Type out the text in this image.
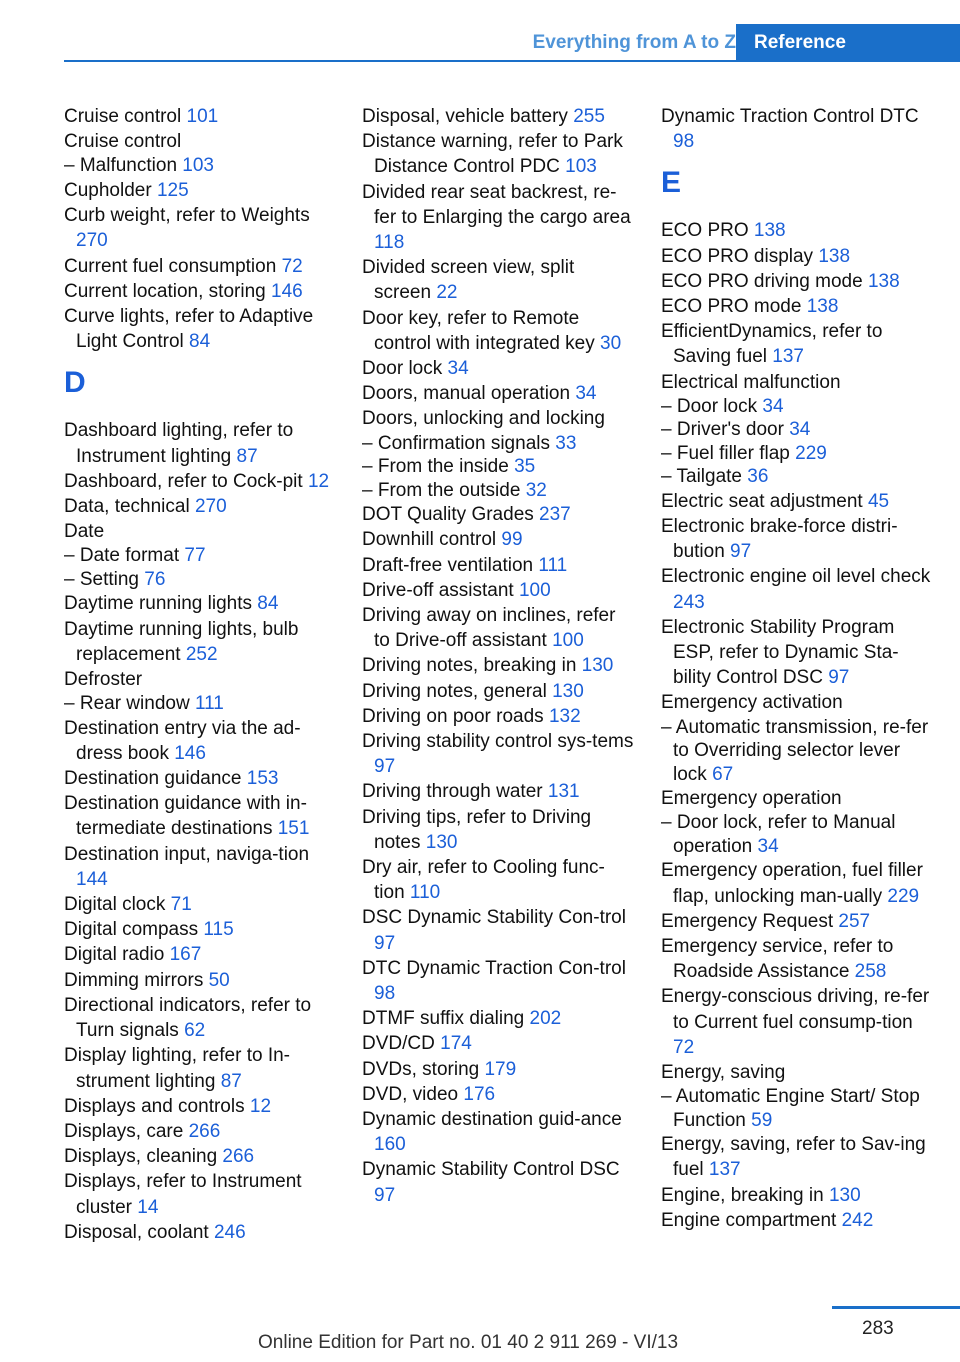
Everything from A to Z Reference
Cruise control 101
Cruise control
– Malfunction 103
Cupholder 125
Curb weight, refer to Weights 270
Current fuel consumption 72
Current location, storing 146
Curve lights, refer to Adaptive Light Control 84
D
Dashboard lighting, refer to Instrument lighting 87
Dashboard, refer to Cock-pit 12
Data, technical 270
Date
– Date format 77
– Setting 76
Daytime running lights 84
Daytime running lights, bulb replacement 252
Defroster
– Rear window 111
Destination entry via the ad-dress book 146
Destination guidance 153
Destination guidance with in-termediate destinations 151
Destination input, naviga-tion 144
Digital clock 71
Digital compass 115
Digital radio 167
Dimming mirrors 50
Directional indicators, refer to Turn signals 62
Display lighting, refer to In-strument lighting 87
Displays and controls 12
Displays, care 266
Displays, cleaning 266
Displays, refer to Instrument cluster 14
Disposal, coolant 246
Disposal, vehicle battery 255
Distance warning, refer to Park Distance Control PDC 103
Divided rear seat backrest, re-fer to Enlarging the cargo area 118
Divided screen view, split screen 22
Door key, refer to Remote control with integrated key 30
Door lock 34
Doors, manual operation 34
Doors, unlocking and locking
– Confirmation signals 33
– From the inside 35
– From the outside 32
DOT Quality Grades 237
Downhill control 99
Draft-free ventilation 111
Drive-off assistant 100
Driving away on inclines, refer to Drive-off assistant 100
Driving notes, breaking in 130
Driving notes, general 130
Driving on poor roads 132
Driving stability control sys-tems 97
Driving through water 131
Driving tips, refer to Driving notes 130
Dry air, refer to Cooling func-tion 110
DSC Dynamic Stability Con-trol 97
DTC Dynamic Traction Con-trol 98
DTMF suffix dialing 202
DVD/CD 174
DVDs, storing 179
DVD, video 176
Dynamic destination guid-ance 160
Dynamic Stability Control DSC 97
Dynamic Traction Control DTC 98
E
ECO PRO 138
ECO PRO display 138
ECO PRO driving mode 138
ECO PRO mode 138
EfficientDynamics, refer to Saving fuel 137
Electrical malfunction
– Door lock 34
– Driver's door 34
– Fuel filler flap 229
– Tailgate 36
Electric seat adjustment 45
Electronic brake-force distri-bution 97
Electronic engine oil level check 243
Electronic Stability Program ESP, refer to Dynamic Sta-bility Control DSC 97
Emergency activation
– Automatic transmission, re-fer to Overriding selector lever lock 67
Emergency operation
– Door lock, refer to Manual operation 34
Emergency operation, fuel filler flap, unlocking man-ually 229
Emergency Request 257
Emergency service, refer to Roadside Assistance 258
Energy-conscious driving, re-fer to Current fuel consump-tion 72
Energy, saving
– Automatic Engine Start/ Stop Function 59
Energy, saving, refer to Sav-ing fuel 137
Engine, breaking in 130
Engine compartment 242
283
Online Edition for Part no. 01 40 2 911 269 - VI/13
